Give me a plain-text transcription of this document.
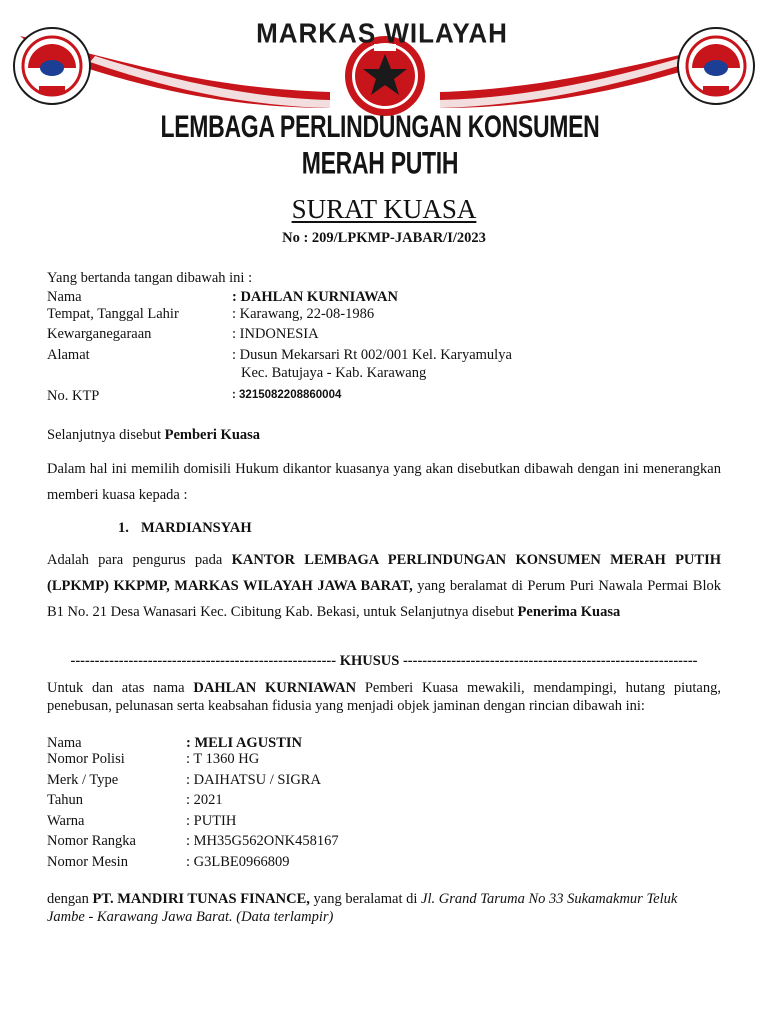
MARKAS WILAYAH
LEMBAGA PERLINDUNGAN KONSUMEN MERAH PUTIH
SURAT KUASA
No : 209/LPKMP-JABAR/I/2023
Yang bertanda tangan dibawah ini :
Nama	: DAHLAN KURNIAWAN
Tempat, Tanggal Lahir	: Karawang, 22-08-1986
Kewarganegaraan	: INDONESIA
Alamat	: Dusun Mekarsari Rt 002/001 Kel. Karyamulya
Kec. Batujaya - Kab. Karawang
No. KTP	: 3215082208860004
Selanjutnya disebut Pemberi Kuasa
Dalam hal ini memilih domisili Hukum dikantor kuasanya yang akan disebutkan dibawah dengan ini menerangkan memberi kuasa kepada :
1. MARDIANSYAH
Adalah para pengurus pada KANTOR LEMBAGA PERLINDUNGAN KONSUMEN MERAH PUTIH (LPKMP) KKPMP, MARKAS WILAYAH JAWA BARAT, yang beralamat di Perum Puri Nawala Permai Blok B1 No. 21 Desa Wanasari Kec. Cibitung Kab. Bekasi, untuk Selanjutnya disebut Penerima Kuasa
------------------------------------------------------- KHUSUS -------------------------------------------------------------
Untuk dan atas nama DAHLAN KURNIAWAN Pemberi Kuasa mewakili, mendampingi, hutang piutang, penebusan, pelunasan serta keabsahan fidusia yang menjadi objek jaminan dengan rincian dibawah ini:
Nama	: MELI AGUSTIN
Nomor Polisi	: T 1360 HG
Merk / Type	: DAIHATSU / SIGRA
Tahun	: 2021
Warna	: PUTIH
Nomor Rangka	: MH35G562ONK458167
Nomor Mesin	: G3LBE0966809
dengan PT. MANDIRI TUNAS FINANCE, yang beralamat di Jl. Grand Taruma No 33 Sukamakmur Teluk Jambe - Karawang Jawa Barat. (Data terlampir)
